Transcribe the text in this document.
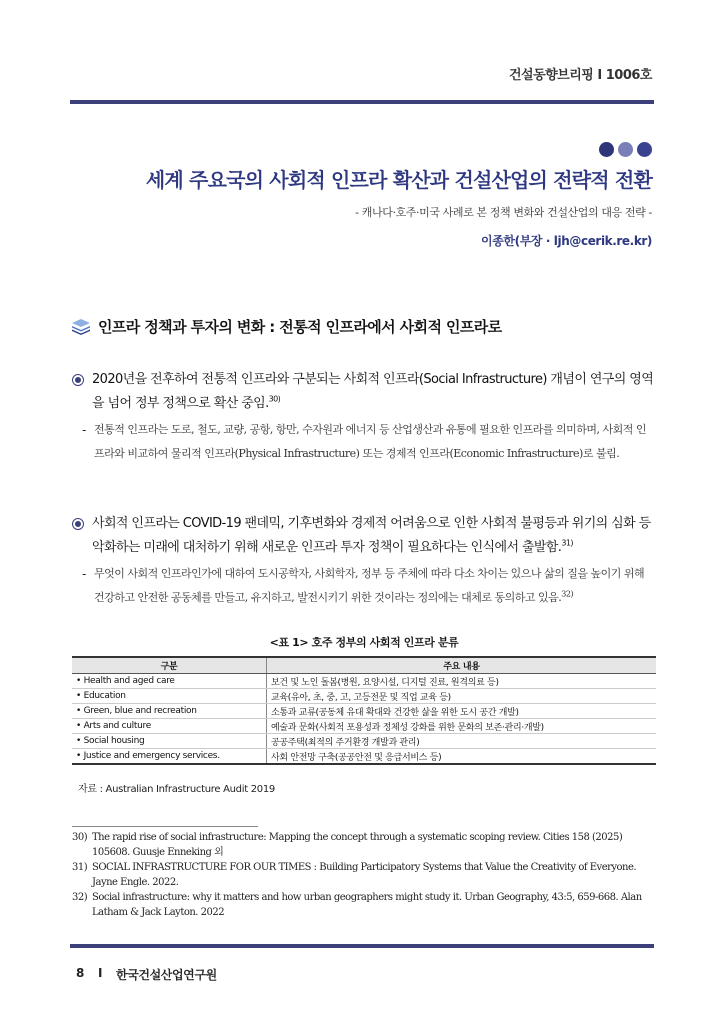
건설동향브리핑 Ⅰ 1006호
세계 주요국의 사회적 인프라 확산과 건설산업의 전략적 전환
- 캐나다·호주·미국 사례로 본 정책 변화와 건설산업의 대응 전략 -
이종한(부장 · ljh@cerik.re.kr)
인프라 정책과 투자의 변화 : 전통적 인프라에서 사회적 인프라로
2020년을 전후하여 전통적 인프라와 구분되는 사회적 인프라(Social Infrastructure) 개념이 연구의 영역을 넘어 정부 정책으로 확산 중임.$^{30)}$
- 전통적 인프라는 도로, 철도, 교량, 공항, 항만, 수자원과 에너지 등 산업생산과 유통에 필요한 인프라를 의미하며, 사회적 인프라와 비교하여 물리적 인프라(Physical Infrastructure) 또는 경제적 인프라(Economic Infrastructure)로 불림.
사회적 인프라는 COVID-19 팬데믹, 기후변화와 경제적 어려움으로 인한 사회적 불평등과 위기의 심화 등 악화하는 미래에 대처하기 위해 새로운 인프라 투자 정책이 필요하다는 인식에서 출발함.$^{31)}$
- 무엇이 사회적 인프라인가에 대하여 도시공학자, 사회학자, 정부 등 주체에 따라 다소 차이는 있으나 삶의 질을 높이기 위해 건강하고 안전한 공동체를 만들고, 유지하고, 발전시키기 위한 것이라는 정의에는 대체로 동의하고 있음.$^{32)}$
<표 1> 호주 정부의 사회적 인프라 분류
구분	주요 내용
• Health and aged care	보건 및 노인 돌봄(병원, 요양시설, 디지털 진료, 원격의료 등)
• Education	교육(유아, 초, 중, 고, 고등전문 및 직업 교육 등)
• Green, blue and recreation	소통과 교류(공동체 유대 확대와 건강한 삶을 위한 도시 공간 개발)
• Arts and culture	예술과 문화(사회적 포용성과 정체성 강화를 위한 문화의 보존·관리·개발)
• Social housing	공공주택(최적의 주거환경 개발과 관리)
• Justice and emergency services.	사회 안전망 구축(공공안전 및 응급서비스 등)
자료 : Australian Infrastructure Audit 2019
30) The rapid rise of social infrastructure: Mapping the concept through a systematic scoping review. Cities 158 (2025) 105608. Guusje Enneking 외
31) SOCIAL INFRASTRUCTURE FOR OUR TIMES : Building Participatory Systems that Value the Creativity of Everyone. Jayne Engle. 2022.
32) Social infrastructure: why it matters and how urban geographers might study it. Urban Geography, 43:5, 659-668. Alan Latham & Jack Layton. 2022
8 Ⅰ 한국건설산업연구원
